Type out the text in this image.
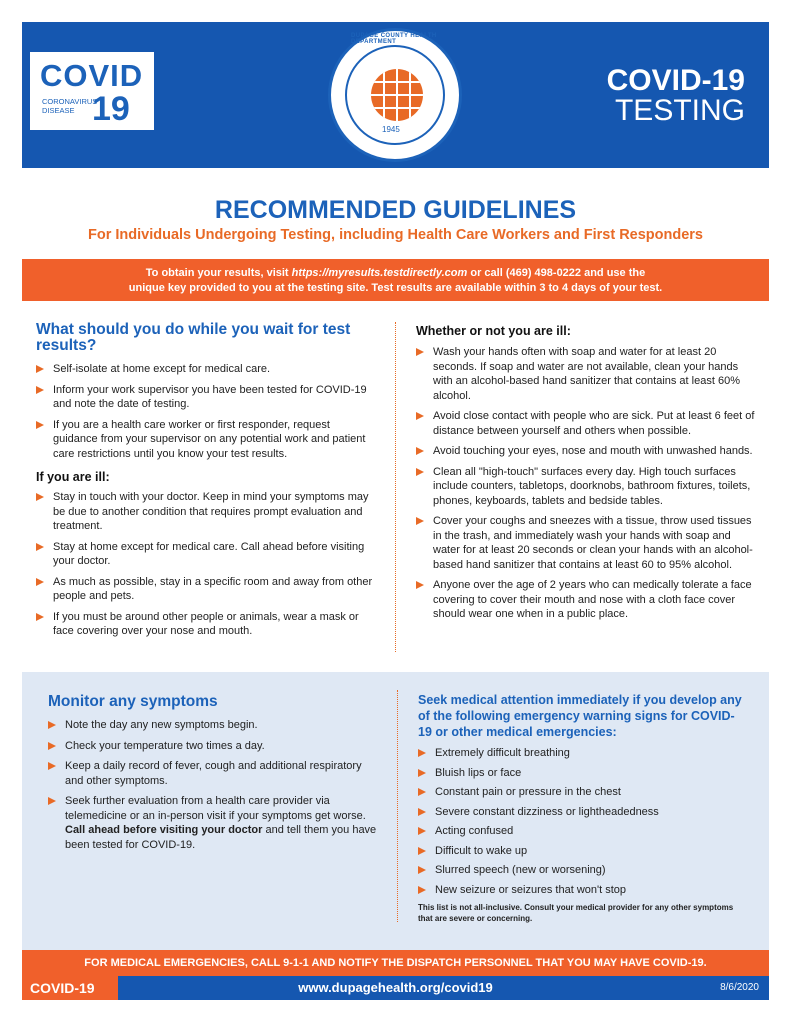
COVID
CORONAVIRUS
DISEASE 19
DUPAGE COUNTY HEALTH DEPARTMENT
1945
COVID-19
TESTING
RECOMMENDED GUIDELINES
For Individuals Undergoing Testing, including Health Care Workers and First Responders
To obtain your results, visit https://myresults.testdirectly.com or call (469) 498-0222 and use the
unique key provided to you at the testing site. Test results are available within 3 to 4 days of your test.
What should you do while you wait for test results?
Self-isolate at home except for medical care.
Inform your work supervisor you have been tested for COVID-19 and note the date of testing.
If you are a health care worker or first responder, request guidance from your supervisor on any potential work and patient care restrictions until you know your test results.
If you are ill:
Stay in touch with your doctor. Keep in mind your symptoms may be due to another condition that requires prompt evaluation and treatment.
Stay at home except for medical care. Call ahead before visiting your doctor.
As much as possible, stay in a specific room and away from other people and pets.
If you must be around other people or animals, wear a mask or face covering over your nose and mouth.
Whether or not you are ill:
Wash your hands often with soap and water for at least 20 seconds. If soap and water are not available, clean your hands with an alcohol-based hand sanitizer that contains at least 60% alcohol.
Avoid close contact with people who are sick. Put at least 6 feet of distance between yourself and others when possible.
Avoid touching your eyes, nose and mouth with unwashed hands.
Clean all "high-touch" surfaces every day. High touch surfaces include counters, tabletops, doorknobs, bathroom fixtures, toilets, phones, keyboards, tablets and bedside tables.
Cover your coughs and sneezes with a tissue, throw used tissues in the trash, and immediately wash your hands with soap and water for at least 20 seconds or clean your hands with an alcohol-based hand sanitizer that contains at least 60 to 95% alcohol.
Anyone over the age of 2 years who can medically tolerate a face covering to cover their mouth and nose with a cloth face cover should wear one when in a public place.
Monitor any symptoms
Note the day any new symptoms begin.
Check your temperature two times a day.
Keep a daily record of fever, cough and additional respiratory and other symptoms.
Seek further evaluation from a health care provider via telemedicine or an in-person visit if your symptoms get worse. Call ahead before visiting your doctor and tell them you have been tested for COVID-19.
Seek medical attention immediately if you develop any of the following emergency warning signs for COVID-19 or other medical emergencies:
Extremely difficult breathing
Bluish lips or face
Constant pain or pressure in the chest
Severe constant dizziness or lightheadedness
Acting confused
Difficult to wake up
Slurred speech (new or worsening)
New seizure or seizures that won't stop
This list is not all-inclusive. Consult your medical provider for any other symptoms that are severe or concerning.
FOR MEDICAL EMERGENCIES, CALL 9-1-1 AND NOTIFY THE DISPATCH PERSONNEL THAT YOU MAY HAVE COVID-19.
COVID-19	www.dupagehealth.org/covid19	8/6/2020
